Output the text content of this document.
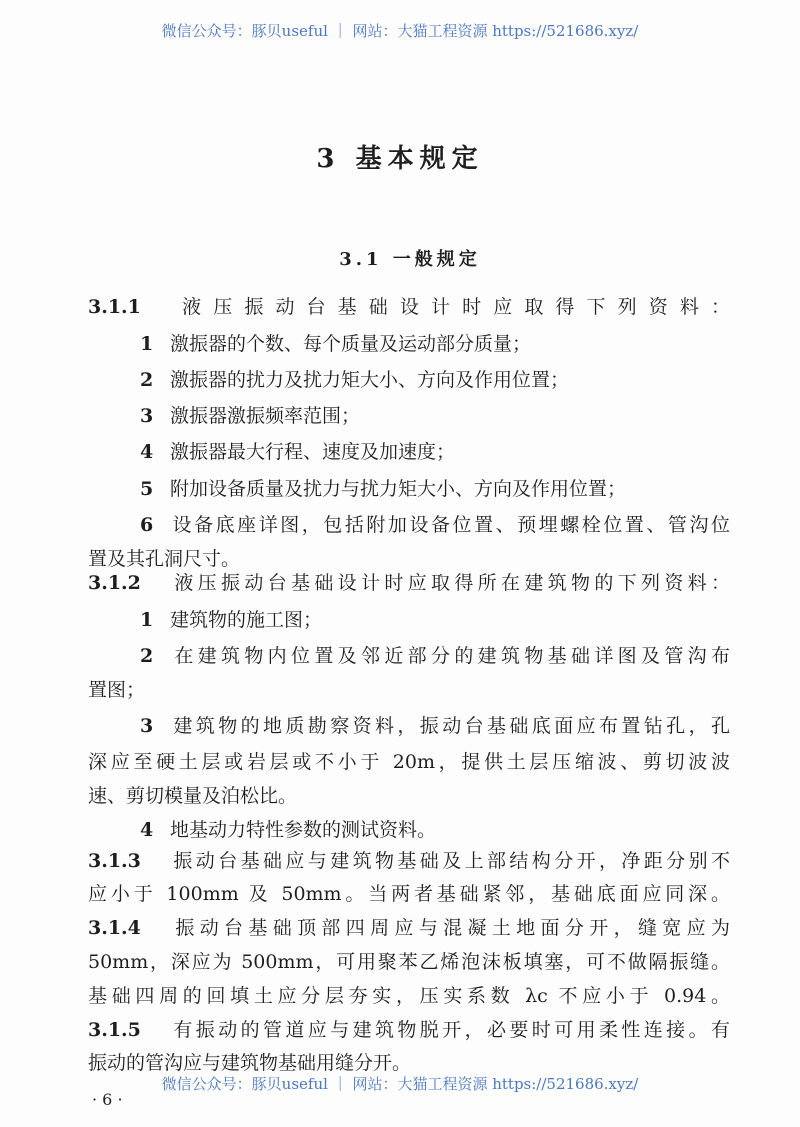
微信公众号：豚贝useful ｜ 网站：大猫工程资源 https://521686.xyz/
3 基本规定
3.1 一般规定
3.1.1 液压振动台基础设计时应取得下列资料：
1 激振器的个数、每个质量及运动部分质量；
2 激振器的扰力及扰力矩大小、方向及作用位置；
3 激振器激振频率范围；
4 激振器最大行程、速度及加速度；
5 附加设备质量及扰力与扰力矩大小、方向及作用位置；
6 设备底座详图，包括附加设备位置、预埋螺栓位置、管沟位
置及其孔洞尺寸。
3.1.2 液压振动台基础设计时应取得所在建筑物的下列资料：
1 建筑物的施工图；
2 在建筑物内位置及邻近部分的建筑物基础详图及管沟布
置图；
3 建筑物的地质勘察资料，振动台基础底面应布置钻孔，孔
深应至硬土层或岩层或不小于 20m，提供土层压缩波、剪切波波
速、剪切模量及泊松比。
4 地基动力特性参数的测试资料。
3.1.3 振动台基础应与建筑物基础及上部结构分开，净距分别不
应小于 100mm 及 50mm。当两者基础紧邻，基础底面应同深。
3.1.4 振动台基础顶部四周应与混凝土地面分开，缝宽应为
50mm，深应为 500mm，可用聚苯乙烯泡沫板填塞，可不做隔振缝。
基础四周的回填土应分层夯实，压实系数 λc 不应小于 0.94。
3.1.5 有振动的管道应与建筑物脱开，必要时可用柔性连接。有
振动的管沟应与建筑物基础用缝分开。
微信公众号：豚贝useful ｜ 网站：大猫工程资源 https://521686.xyz/
· 6 ·
